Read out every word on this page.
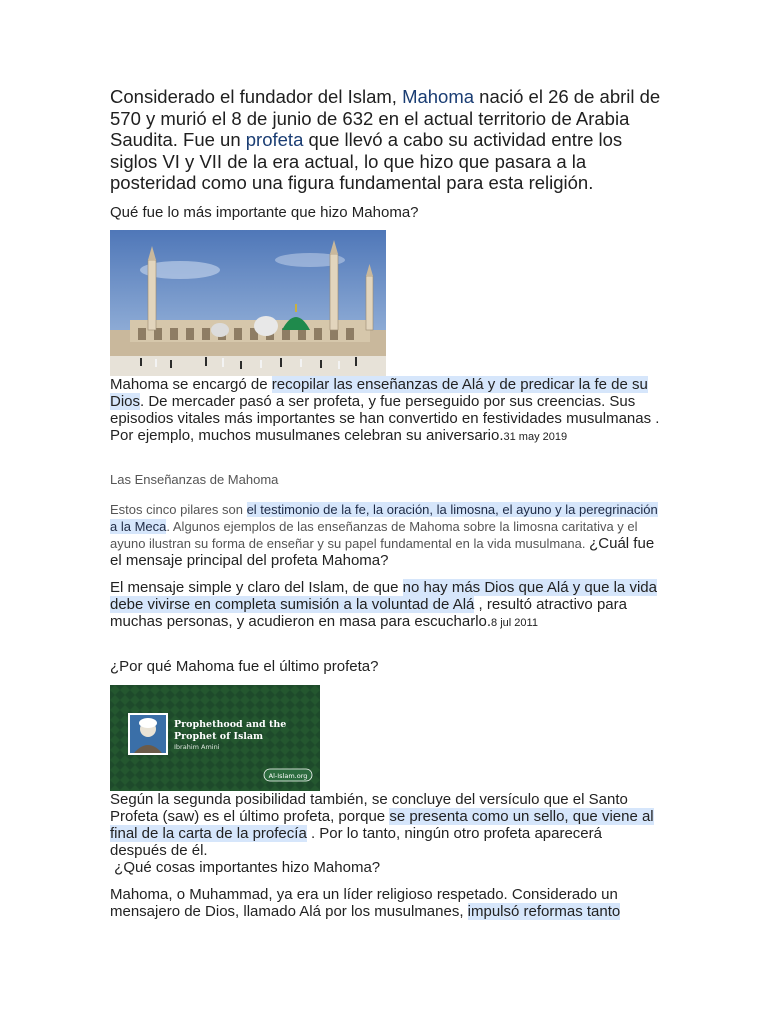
Considerado el fundador del Islam, Mahoma nació el 26 de abril de 570 y murió el 8 de junio de 632 en el actual territorio de Arabia Saudita. Fue un profeta que llevó a cabo su actividad entre los siglos VI y VII de la era actual, lo que hizo que pasara a la posteridad como una figura fundamental para esta religión.

Qué fue lo más importante que hizo Mahoma?

Mahoma se encargó de recopilar las enseñanzas de Alá y de predicar la fe de su Dios. De mercader pasó a ser profeta, y fue perseguido por sus creencias. Sus episodios vitales más importantes se han convertido en festividades musulmanas . Por ejemplo, muchos musulmanes celebran su aniversario.31 may 2019

Las Enseñanzas de Mahoma

Estos cinco pilares son el testimonio de la fe, la oración, la limosna, el ayuno y la peregrinación a la Meca. Algunos ejemplos de las enseñanzas de Mahoma sobre la limosna caritativa y el ayuno ilustran su forma de enseñar y su papel fundamental en la vida musulmana. ¿Cuál fue el mensaje principal del profeta Mahoma?

El mensaje simple y claro del Islam, de que no hay más Dios que Alá y que la vida debe vivirse en completa sumisión a la voluntad de Alá , resultó atractivo para muchas personas, y acudieron en masa para escucharlo.8 jul 2011

¿Por qué Mahoma fue el último profeta?

Prophethood and the
Prophet of Islam
Ibrahim Amini
Al-Islam.org

Según la segunda posibilidad también, se concluye del versículo que el Santo Profeta (saw) es el último profeta, porque se presenta como un sello, que viene al final de la carta de la profecía . Por lo tanto, ningún otro profeta aparecerá después de él.

¿Qué cosas importantes hizo Mahoma?

Mahoma, o Muhammad, ya era un líder religioso respetado. Considerado un mensajero de Dios, llamado Alá por los musulmanes, impulsó reformas tanto
